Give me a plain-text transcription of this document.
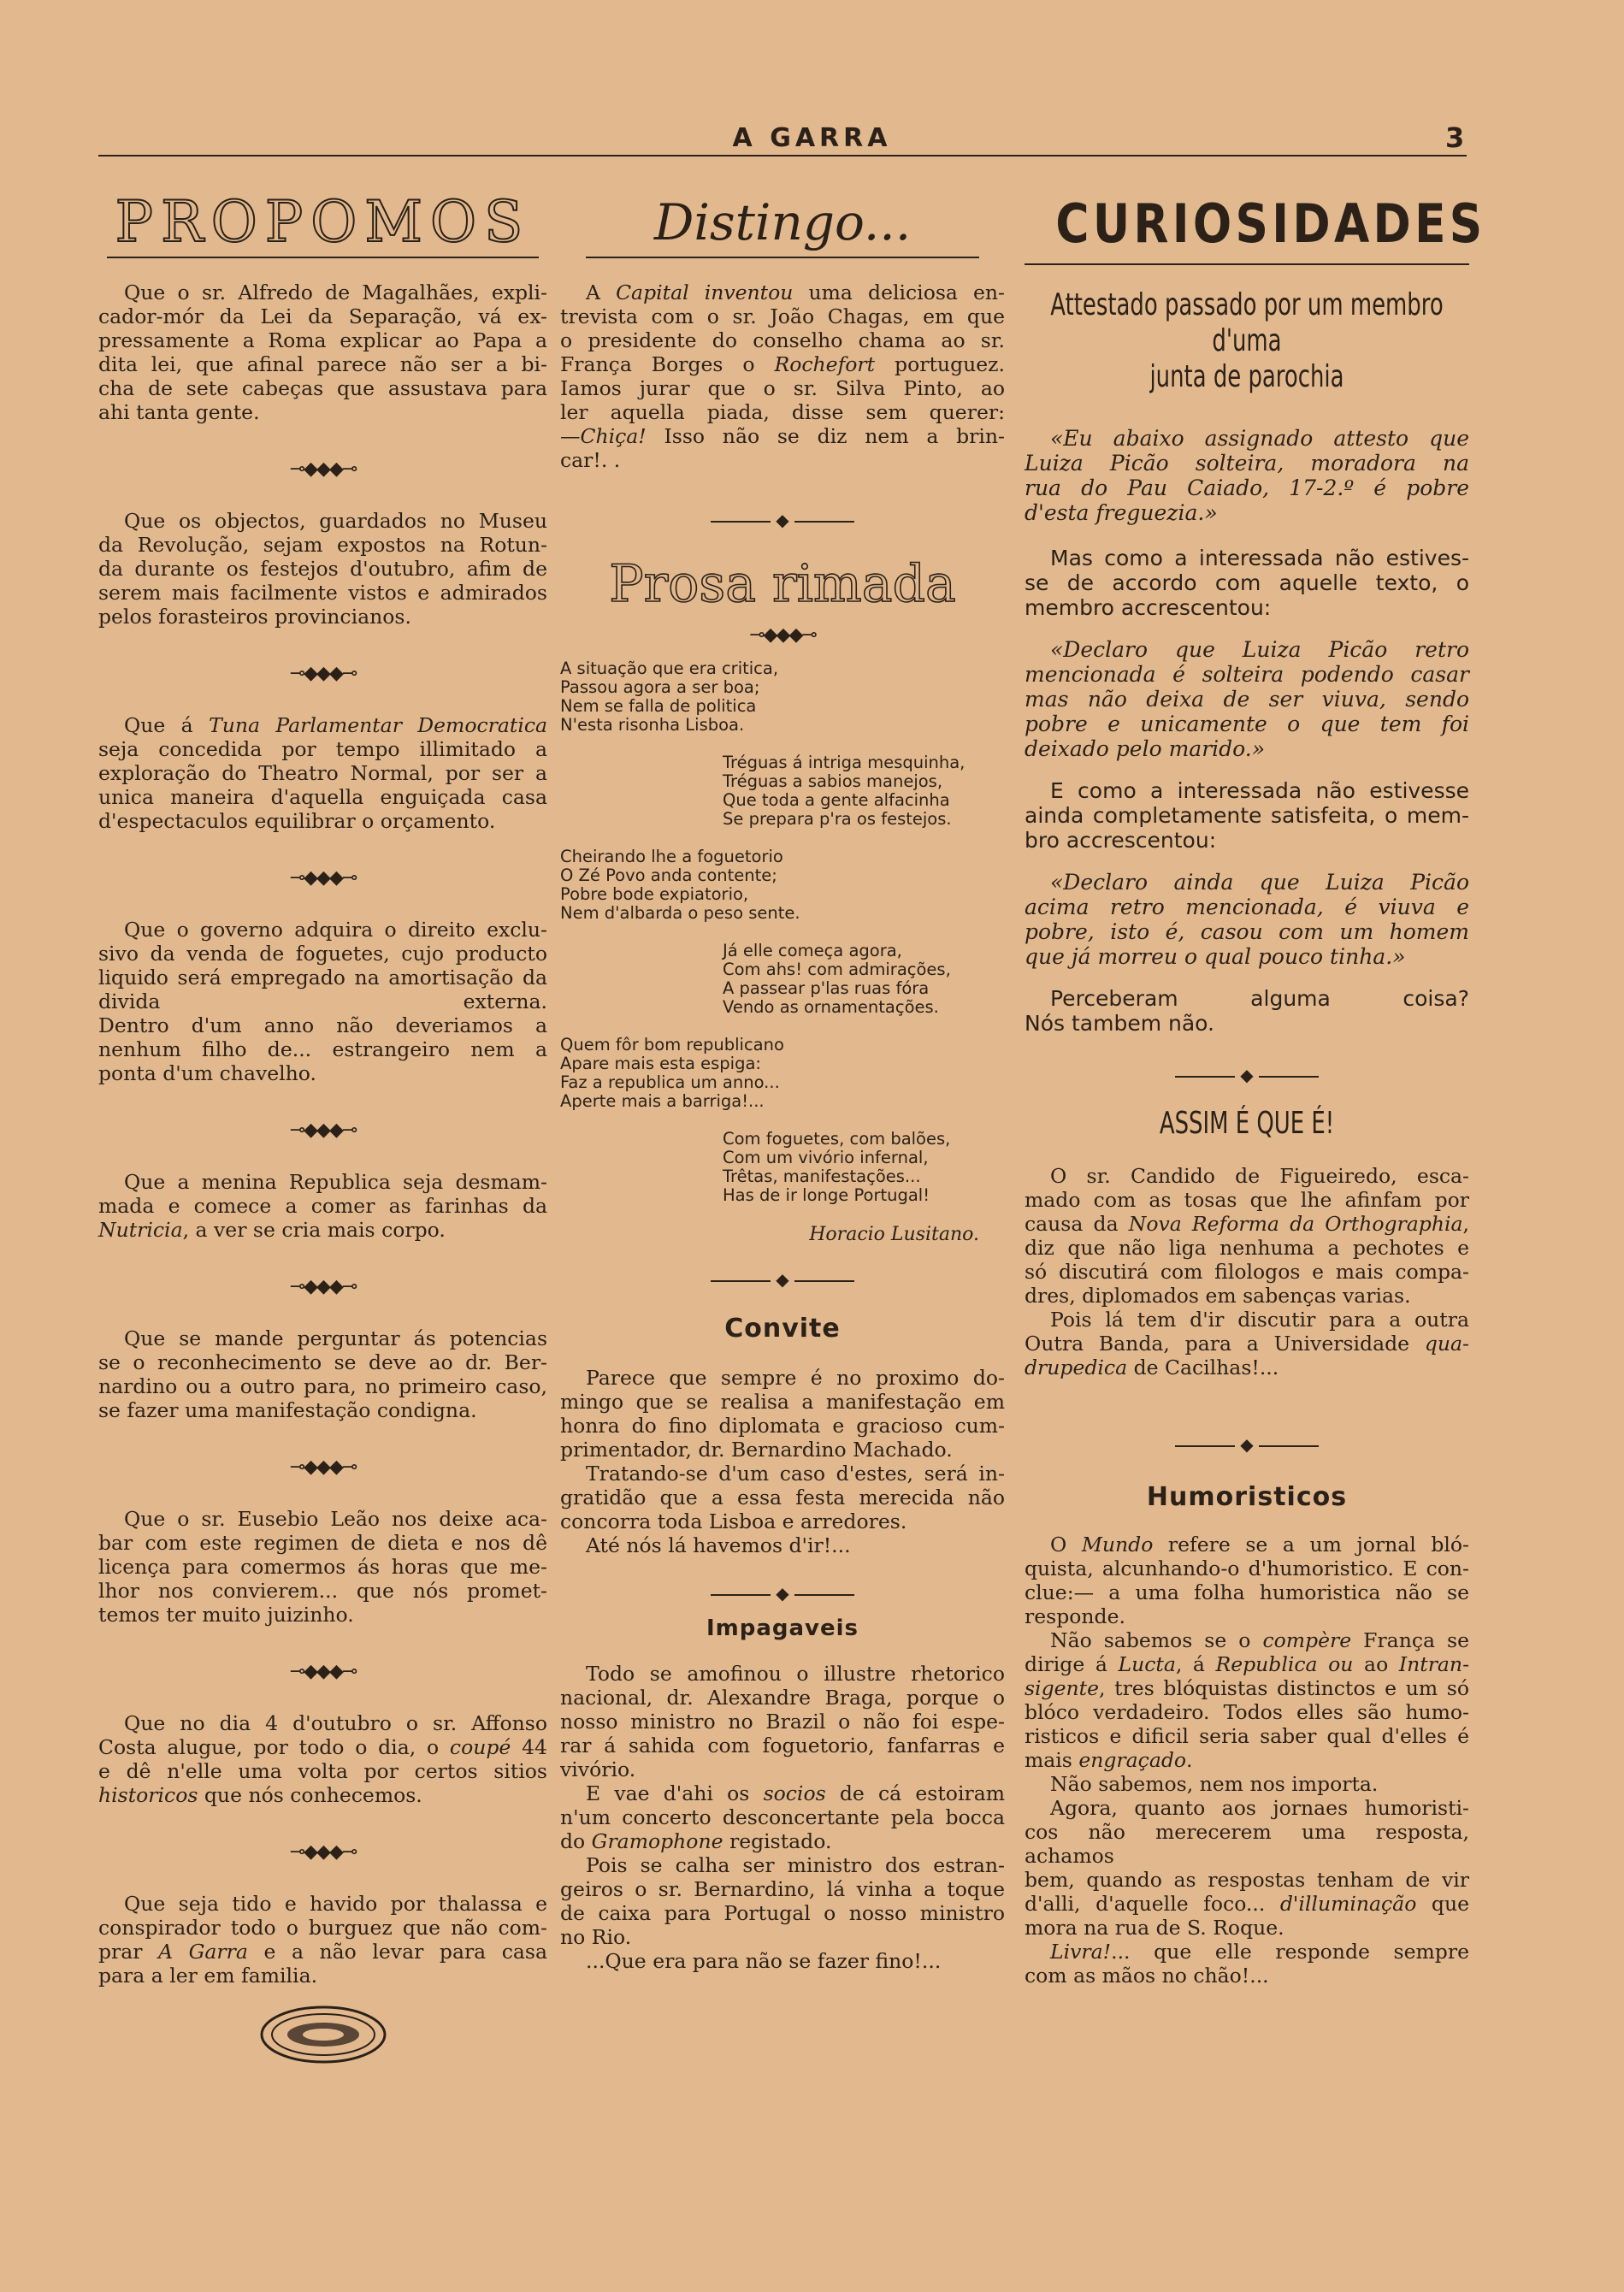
A GARRA	3
PROPOMOS
Que o sr. Alfredo de Magalhães, expli-
cador-mór da Lei da Separação, vá ex-
pressamente a Roma explicar ao Papa a
dita lei, que afinal parece não ser a bi-
cha de sete cabeças que assustava para
ahi tanta gente.
⊸◆◆◆⊸
Que os objectos, guardados no Museu
da Revolução, sejam expostos na Rotun-
da durante os festejos d'outubro, afim de
serem mais facilmente vistos e admirados
pelos forasteiros provincianos.
⊸◆◆◆⊸
Que á Tuna Parlamentar Democratica
seja concedida por tempo illimitado a
exploração do Theatro Normal, por ser a
unica maneira d'aquella enguiçada casa
d'espectaculos equilibrar o orçamento.
⊸◆◆◆⊸
Que o governo adquira o direito exclu-
sivo da venda de foguetes, cujo producto
liquido será empregado na amortisação da
divida externa.
Dentro d'um anno não deveriamos a
nenhum filho de... estrangeiro nem a
ponta d'um chavelho.
⊸◆◆◆⊸
Que a menina Republica seja desmam-
mada e comece a comer as farinhas da
Nutricia, a ver se cria mais corpo.
⊸◆◆◆⊸
Que se mande perguntar ás potencias
se o reconhecimento se deve ao dr. Ber-
nardino ou a outro para, no primeiro caso,
se fazer uma manifestação condigna.
⊸◆◆◆⊸
Que o sr. Eusebio Leão nos deixe aca-
bar com este regimen de dieta e nos dê
licença para comermos ás horas que me-
lhor nos convierem... que nós promet-
temos ter muito juizinho.
⊸◆◆◆⊸
Que no dia 4 d'outubro o sr. Affonso
Costa alugue, por todo o dia, o coupé 44
e dê n'elle uma volta por certos sitios
historicos que nós conhecemos.
⊸◆◆◆⊸
Que seja tido e havido por thalassa e
conspirador todo o burguez que não com-
prar A Garra e a não levar para casa
para a ler em familia.
Distingo...
A Capital inventou uma deliciosa en-
trevista com o sr. João Chagas, em que
o presidente do conselho chama ao sr.
França Borges o Rochefort portuguez.
Iamos jurar que o sr. Silva Pinto, ao
ler aquella piada, disse sem querer:
—Chiça! Isso não se diz nem a brin-
car!. .
◆
Prosa rimada
⊸◆◆◆⊸
A situação que era critica,
Passou agora a ser boa;
Nem se falla de politica
N'esta risonha Lisboa.
Tréguas á intriga mesquinha,
Tréguas a sabios manejos,
Que toda a gente alfacinha
Se prepara p'ra os festejos.
Cheirando lhe a foguetorio
O Zé Povo anda contente;
Pobre bode expiatorio,
Nem d'albarda o peso sente.
Já elle começa agora,
Com ahs! com admirações,
A passear p'las ruas fóra
Vendo as ornamentações.
Quem fôr bom republicano
Apare mais esta espiga:
Faz a republica um anno...
Aperte mais a barriga!...
Com foguetes, com balões,
Com um vivório infernal,
Trêtas, manifestações...
Has de ir longe Portugal!
Horacio Lusitano.
◆
Convite
Parece que sempre é no proximo do-
mingo que se realisa a manifestação em
honra do fino diplomata e gracioso cum-
primentador, dr. Bernardino Machado.
Tratando-se d'um caso d'estes, será in-
gratidão que a essa festa merecida não
concorra toda Lisboa e arredores.
Até nós lá havemos d'ir!...
◆
Impagaveis
Todo se amofinou o illustre rhetorico
nacional, dr. Alexandre Braga, porque o
nosso ministro no Brazil o não foi espe-
rar á sahida com foguetorio, fanfarras e
vivório.
E vae d'ahi os socios de cá estoiram
n'um concerto desconcertante pela bocca
do Gramophone registado.
Pois se calha ser ministro dos estran-
geiros o sr. Bernardino, lá vinha a toque
de caixa para Portugal o nosso ministro
no Rio.
...Que era para não se fazer fino!...
CURIOSIDADES
Attestado passado por um membro d'uma
junta de parochia
«Eu abaixo assignado attesto que
Luiza Picão solteira, moradora na
rua do Pau Caiado, 17-2.º é pobre
d'esta freguezia.»
Mas como a interessada não estives-
se de accordo com aquelle texto, o
membro accrescentou:
«Declaro que Luiza Picão retro
mencionada é solteira podendo casar
mas não deixa de ser viuva, sendo
pobre e unicamente o que tem foi
deixado pelo marido.»
E como a interessada não estivesse
ainda completamente satisfeita, o mem-
bro accrescentou:
«Declaro ainda que Luiza Picão
acima retro mencionada, é viuva e
pobre, isto é, casou com um homem
que já morreu o qual pouco tinha.»
Perceberam alguma coisa?
Nós tambem não.
◆
ASSIM É QUE É!
O sr. Candido de Figueiredo, esca-
mado com as tosas que lhe afinfam por
causa da Nova Reforma da Orthographia,
diz que não liga nenhuma a pechotes e
só discutirá com filologos e mais compa-
dres, diplomados em sabenças varias.
Pois lá tem d'ir discutir para a outra
Outra Banda, para a Universidade qua-
drupedica de Cacilhas!...
◆
Humoristicos
O Mundo refere se a um jornal bló-
quista, alcunhando-o d'humoristico. E con-
clue:— a uma folha humoristica não se
responde.
Não sabemos se o compère França se
dirige á Lucta, á Republica ou ao Intran-
sigente, tres blóquistas distinctos e um só
blóco verdadeiro. Todos elles são humo-
risticos e dificil seria saber qual d'elles é
mais engraçado.
Não sabemos, nem nos importa.
Agora, quanto aos jornaes humoristi-
cos não merecerem uma resposta, achamos
bem, quando as respostas tenham de vir
d'alli, d'aquelle foco... d'illuminação que
mora na rua de S. Roque.
Livra!... que elle responde sempre
com as mãos no chão!...
